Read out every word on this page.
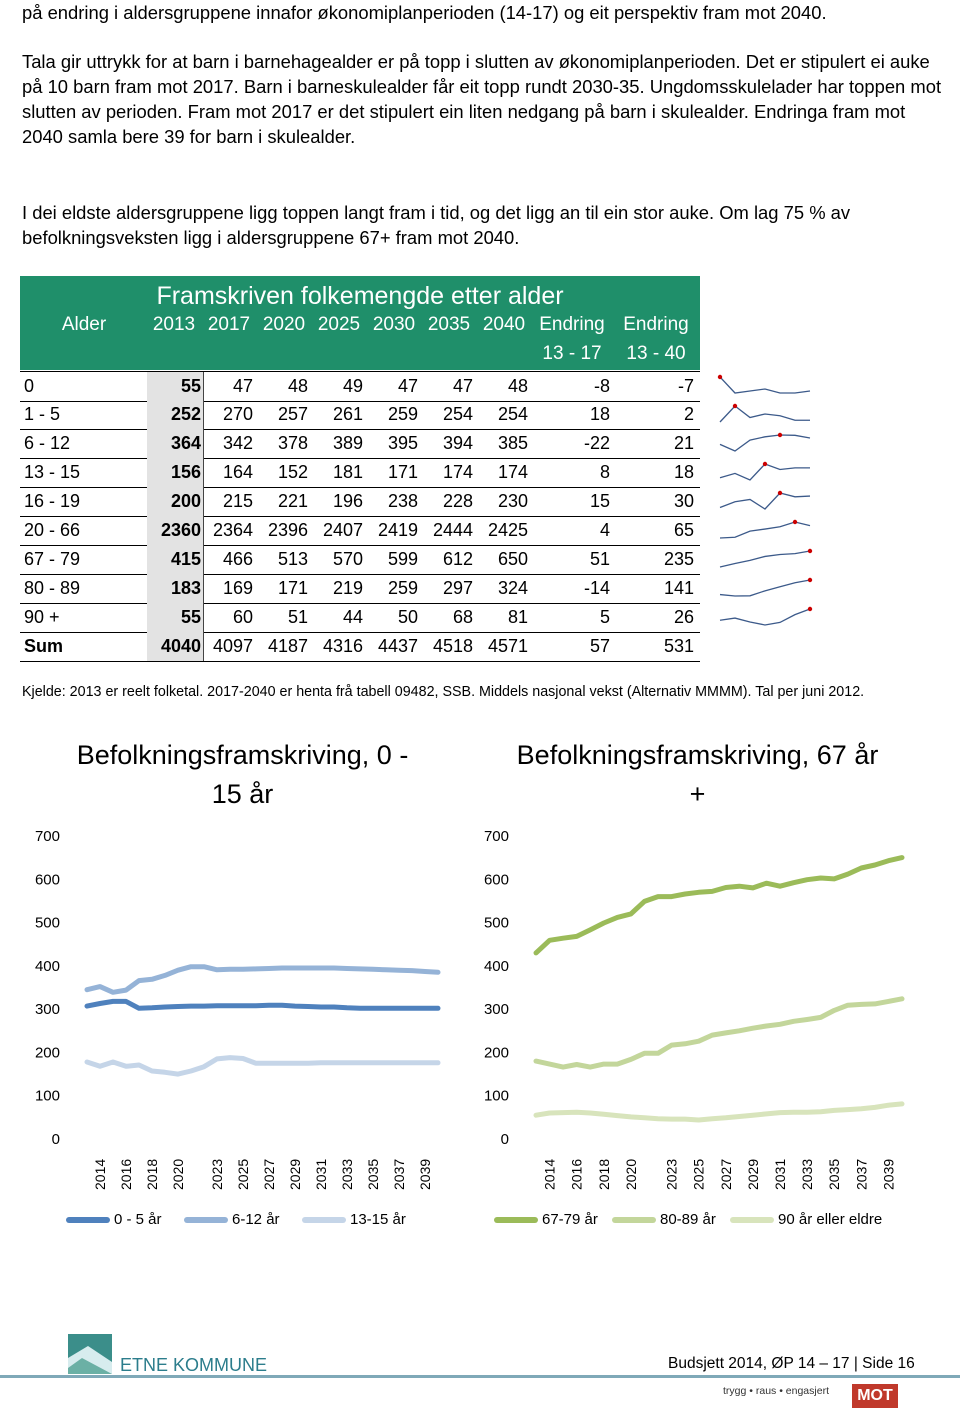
på endring i aldersgruppene innafor økonomiplanperioden (14-17) og eit perspektiv fram mot 2040.

Tala gir uttrykk for at barn i barnehagealder er på topp i slutten av økonomiplanperioden. Det er stipulert ei auke på 10 barn fram mot 2017. Barn i barneskulealder får eit topp rundt 2030-35. Ungdomsskulelader har toppen mot slutten av perioden. Fram mot 2017 er det stipulert ein liten nedgang på barn i skulealder. Endringa fram mot 2040 samla bere 39 for barn i skulealder.

I dei eldste aldersgruppene ligg toppen langt fram i tid, og det ligg an til ein stor auke. Om lag 75 % av befolkningsveksten ligg i aldersgruppene 67+ fram mot 2040.

Framskriven folkemengde etter alder
Alder	2013 2017 2020 2025 2030 2035 2040 Endring
13 - 17
Endring
13 - 40
0	55	47	48	49	47	47	48	-8	-7
1 - 5	252	270	257	261	259	254	254	18	2
6 - 12	364	342	378	389	395	394	385	-22	21
13 - 15	156	164	152	181	171	174	174	8	18
16 - 19	200	215	221	196	238	228	230	15	30
20 - 66	2360 2364 2396 2407 2419 2444 2425	4	65
67 - 79	415	466	513	570	599	612	650	51	235
80 - 89	183	169	171	219	259	297	324	-14	141
90 +	55	60	51	44	50	68	81	5	26
Sum	4040 4097 4187 4316 4437 4518 4571	57	531

Kjelde: 2013 er reelt folketal. 2017-2040 er henta frå tabell 09482, SSB. Middels nasjonal vekst (Alternativ MMMM). Tal per juni 2012.

Befolkningsframskriving, 0 - 15 år
0
100
200
300
400
500
600
700
2014 2016 2018 2020 2023 2025 2027 2029 2031 2033 2035 2037 2039
Befolkningsframskriving, 67 år +
0
100
200
300
400
500
600
700
2014 2016 2018 2020 2023 2025 2027 2029 2031 2033 2035 2037 2039
0 - 5 år	6-12 år	13-15 år	67-79 år	80-89 år	90 år eller eldre
ETNE KOMMUNE	Budsjett 2014, ØP 14 – 17 | Side 16
trygg • raus • engasjert	MOT
